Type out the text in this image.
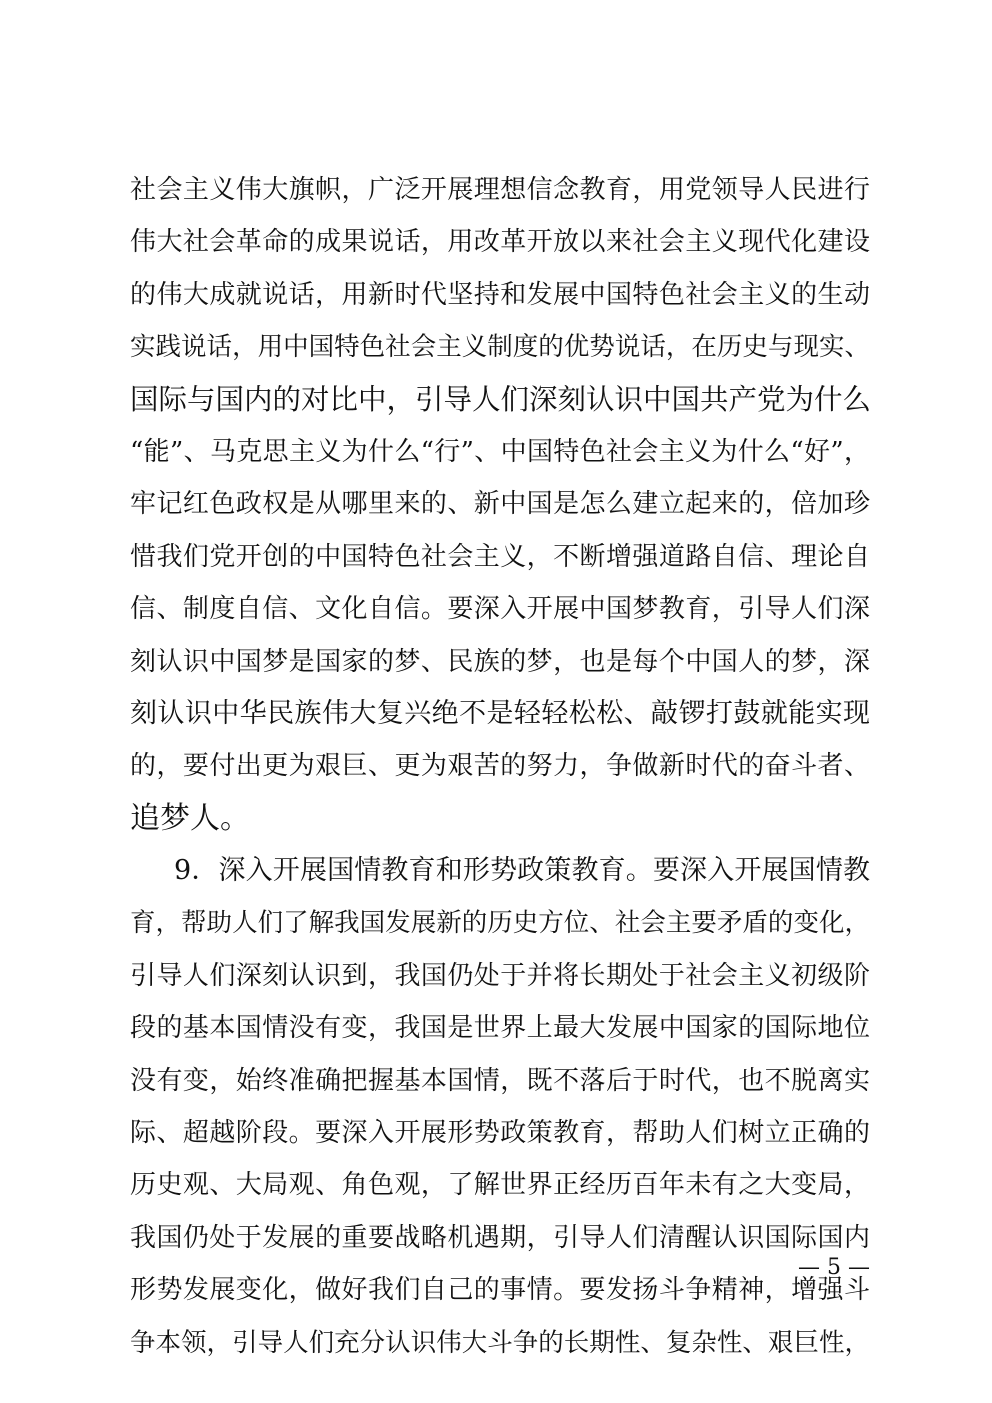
社会主义伟大旗帜，广泛开展理想信念教育，用党领导人民进行
伟大社会革命的成果说话，用改革开放以来社会主义现代化建设
的伟大成就说话，用新时代坚持和发展中国特色社会主义的生动
实践说话，用中国特色社会主义制度的优势说话，在历史与现实、
国际与国内的对比中，引导人们深刻认识中国共产党为什么
“能”、马克思主义为什么“行”、中国特色社会主义为什么“好”，
牢记红色政权是从哪里来的、新中国是怎么建立起来的，倍加珍
惜我们党开创的中国特色社会主义，不断增强道路自信、理论自
信、制度自信、文化自信。要深入开展中国梦教育，引导人们深
刻认识中国梦是国家的梦、民族的梦，也是每个中国人的梦，深
刻认识中华民族伟大复兴绝不是轻轻松松、敲锣打鼓就能实现
的，要付出更为艰巨、更为艰苦的努力，争做新时代的奋斗者、
追梦人。
9．深入开展国情教育和形势政策教育。要深入开展国情教
育，帮助人们了解我国发展新的历史方位、社会主要矛盾的变化，
引导人们深刻认识到，我国仍处于并将长期处于社会主义初级阶
段的基本国情没有变，我国是世界上最大发展中国家的国际地位
没有变，始终准确把握基本国情，既不落后于时代，也不脱离实
际、超越阶段。要深入开展形势政策教育，帮助人们树立正确的
历史观、大局观、角色观，了解世界正经历百年未有之大变局，
我国仍处于发展的重要战略机遇期，引导人们清醒认识国际国内
形势发展变化，做好我们自己的事情。要发扬斗争精神，增强斗
争本领，引导人们充分认识伟大斗争的长期性、复杂性、艰巨性，
— 5 —
